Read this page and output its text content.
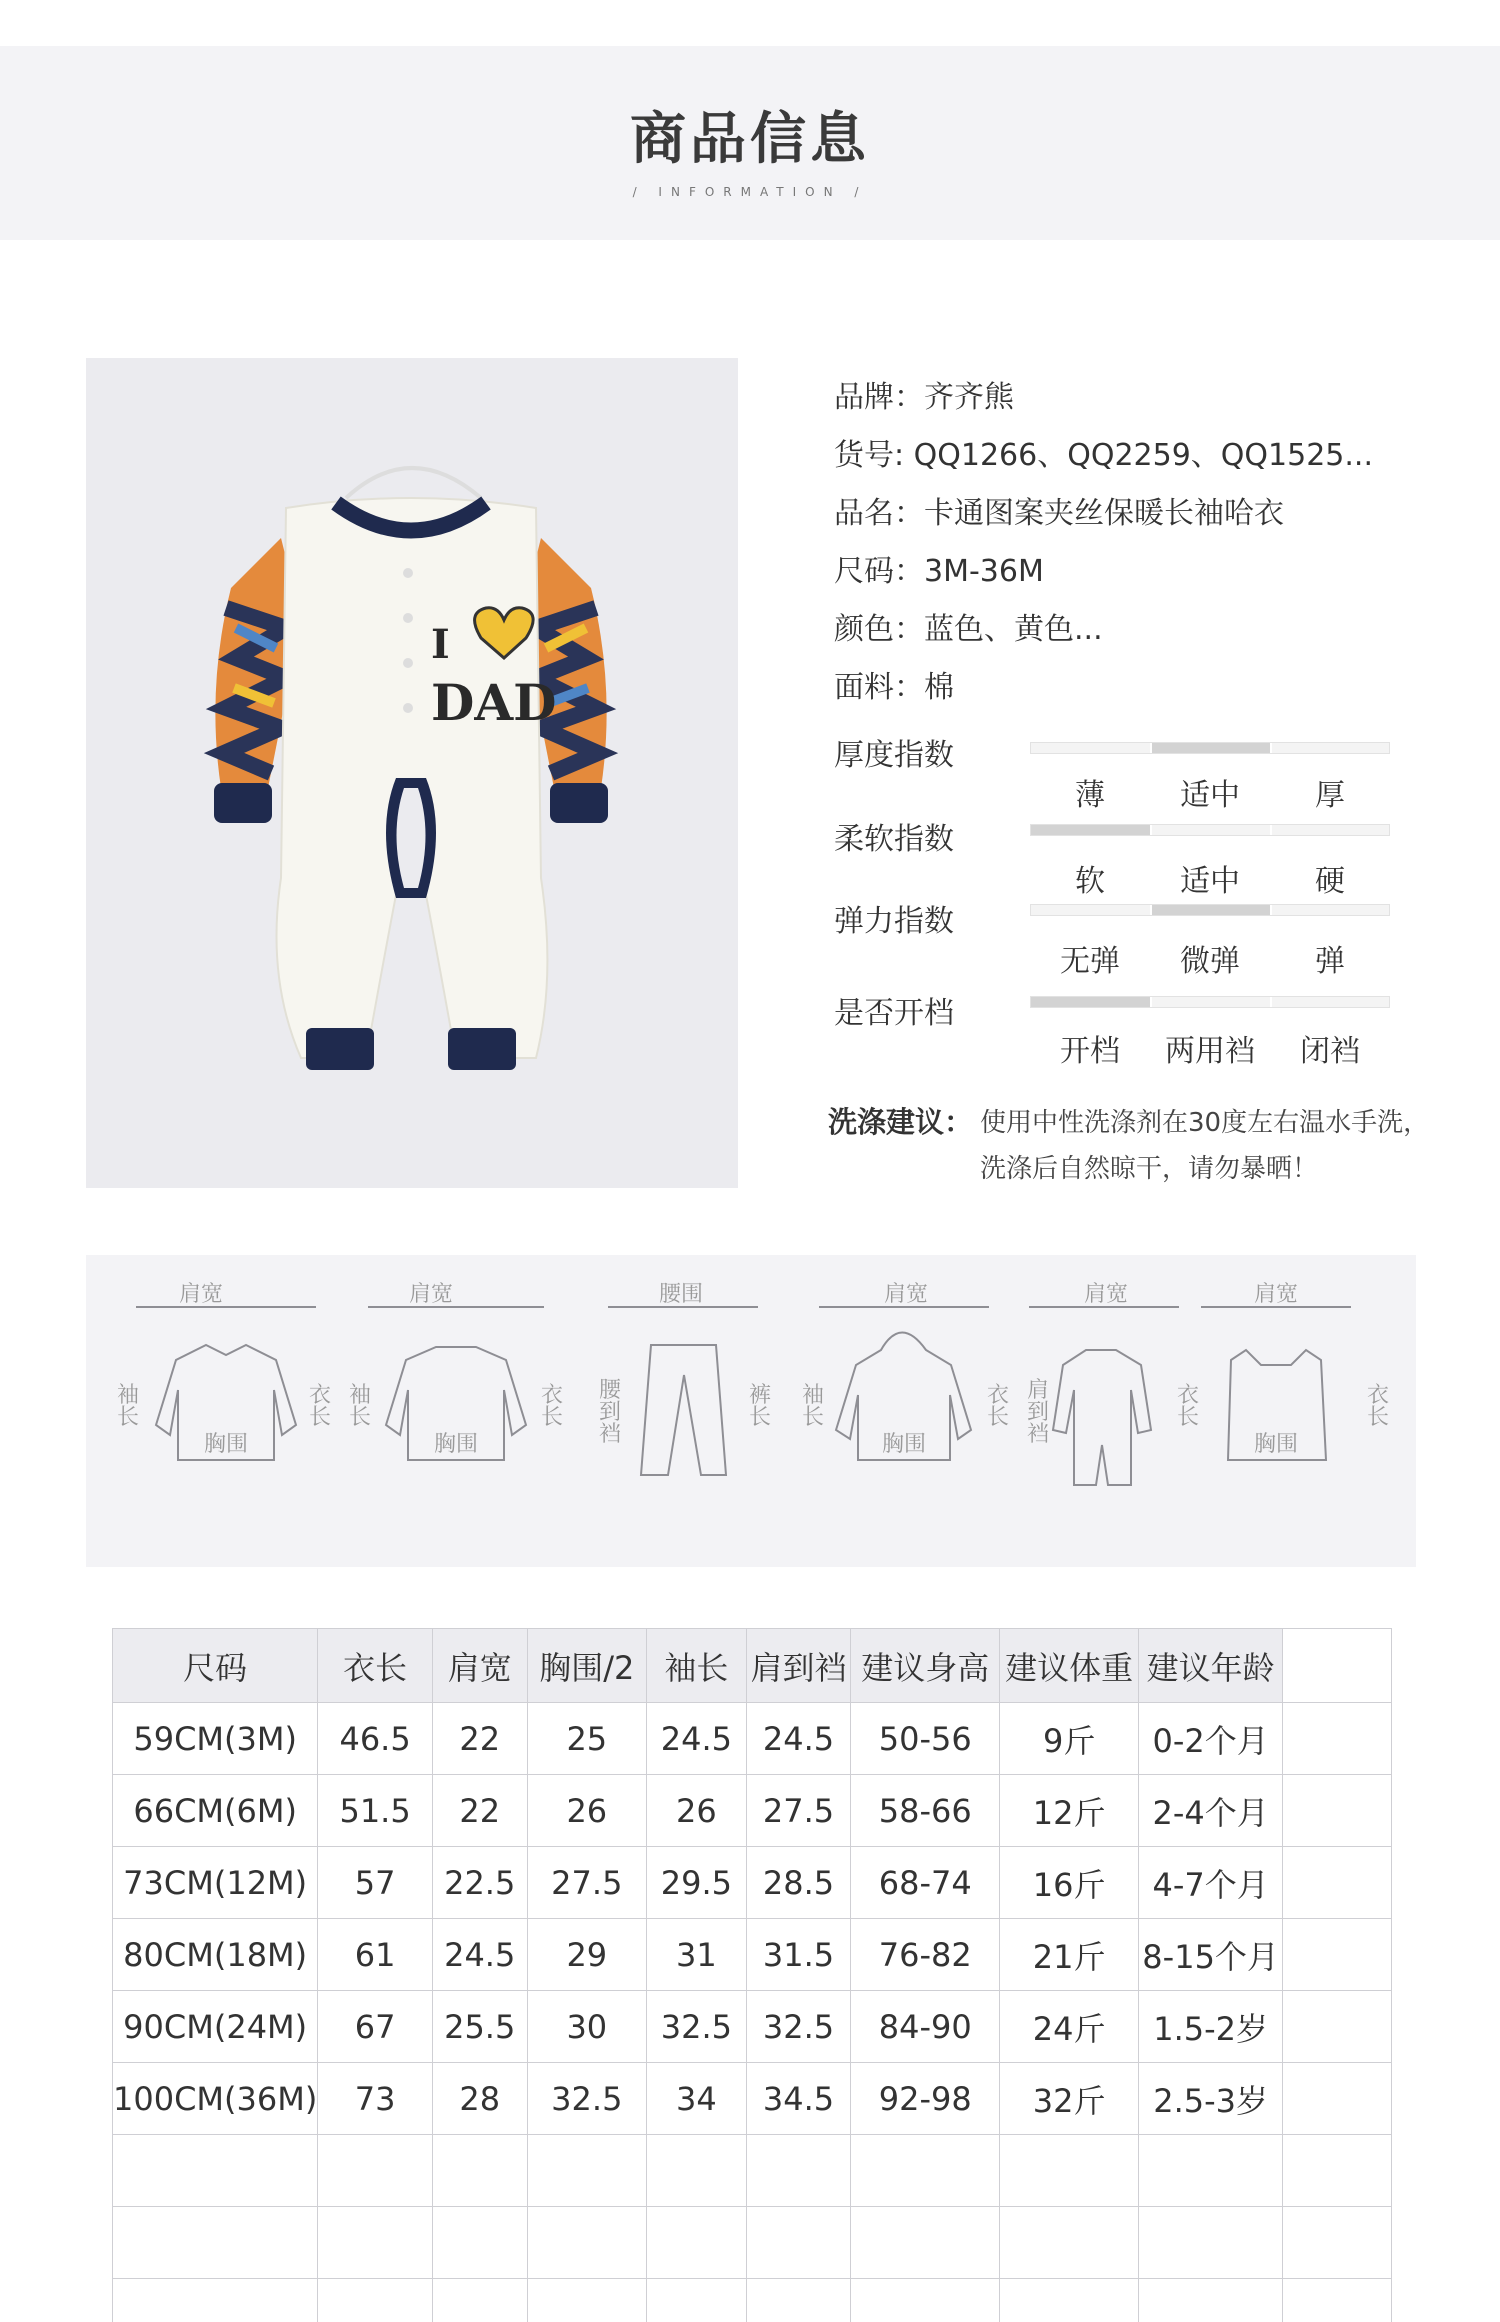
商品信息
/ INFORMATION /
I
DAD
品牌：齐齐熊
货号: QQ1266、QQ2259、QQ1525...
品名：卡通图案夹丝保暖长袖哈衣
尺码：3M-36M
颜色：蓝色、黄色...
面料：棉
厚度指数
薄	适中	厚
柔软指数
软	适中	硬
弹力指数
无弹	微弹	弹
是否开档
开档	两用裆	闭裆
洗涤建议： 使用中性洗涤剂在30度左右温水手洗，
洗涤后自然晾干，请勿暴晒！
肩宽	肩宽	腰围	肩宽	肩宽	肩宽
袖长
袖长
腰到裆
袖长
肩到裆
衣长
衣长
裤长
衣长
衣长
衣长
胸围	胸围	胸围	胸围
尺码	衣长	肩宽	胸围/2	袖长	肩到裆	建议身高	建议体重	建议年龄	
59CM(3M)	46.5	22	25	24.5	24.5	50-56	9斤	0-2个月	
66CM(6M)	51.5	22	26	26	27.5	58-66	12斤	2-4个月	
73CM(12M)	57	22.5	27.5	29.5	28.5	68-74	16斤	4-7个月	
80CM(18M)	61	24.5	29	31	31.5	76-82	21斤	8-15个月	
90CM(24M)	67	25.5	30	32.5	32.5	84-90	24斤	1.5-2岁	
100CM(36M)	73	28	32.5	34	34.5	92-98	32斤	2.5-3岁	
